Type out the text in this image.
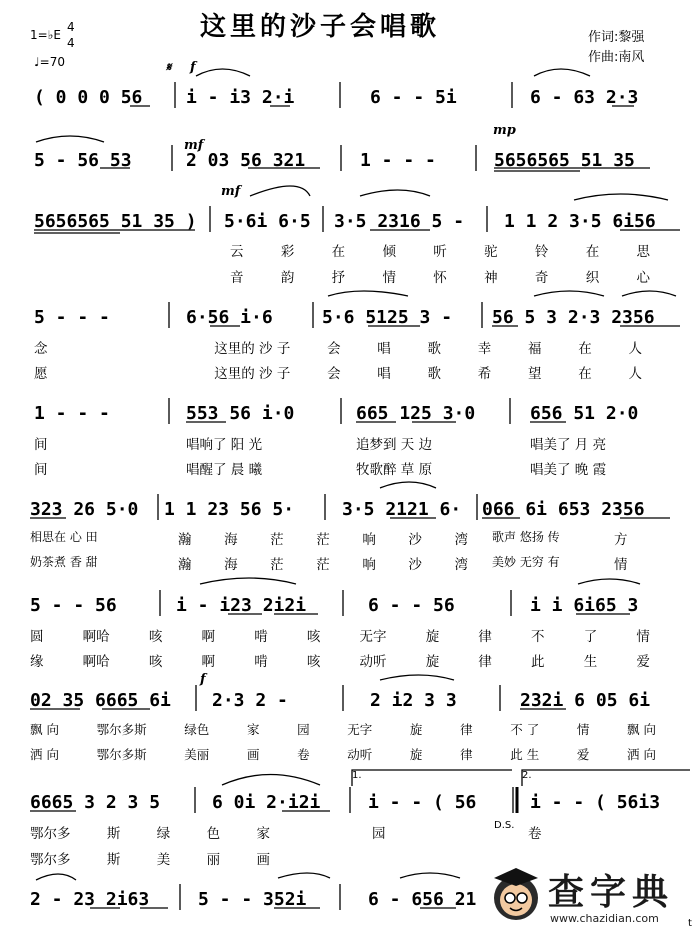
这里的沙子会唱歌	作词:黎强
作曲:南风
1=♭E
4
4
♩=70	𝄋 f
mf
mp
mf
f
( 0 0 0 56 i - i3 2·i	6 - - 5i	6 - 63 2·3
5 - 56 53	2 03 56 321	1 - - -	5656565 51 35
5656565 51 35 ) 5·6i 6·5 3·5 2316 5 - 1 1 2 3·5 6i56
云	彩	在	倾	听	驼	铃	在	思
音	韵	抒	情	怀	神	奇	织	心
5 - - -	6·56 i·6	5·6 5125 3 - 56 5 3 2·3 2356
念	这里的 沙 子	会	唱	歌	幸	福	在	人
愿	这里的 沙 子	会	唱	歌	希	望	在	人
1 - - -	553 56 i·0	665 125 3·0	656 51 2·0
间	唱响了 阳 光	追梦到 天 边	唱美了 月 亮
间	唱醒了 晨 曦	牧歌醉 草 原	唱美了 晚 霞
323 26 5·0 1 1 23 56 5·	3·5 2121 6· 066 6i 653 2356
相思在 心 田	瀚 海 茫 茫 响 沙 湾 歌声 悠扬 传	方
奶茶煮 香 甜	瀚 海 茫 茫 响 沙 湾 美妙 无穷 有	情
5 - - 56	i - i23 2i2i	6 - - 56	i i 6i65 3
圆	啊哈	咳	啊	啃	咳	无字	旋	律	不	了	情
缘	啊哈	咳	啊	啃	咳	动听	旋	律	此	生	爱
02 35 6665 6i 2·3 2 -	2 i2 3 3	232i 6 05 6i
飘 向	鄂尔多斯	绿色	家	园	无字	旋	律	不 了	情	飘 向
洒 向	鄂尔多斯	美丽	画	卷	动听	旋	律	此 生	爱	洒 向
1.	2.
6665 3 2 3 5	6 0i 2·i2i	i - - ( 56	i - - ( 56i3
鄂尔多	斯	绿	色	家	园
D.S.
卷
鄂尔多	斯	美	丽	画
2 - 23 2i63	5 - - 352i	6 - 656 21 查字典
www.chazidian.com	t
